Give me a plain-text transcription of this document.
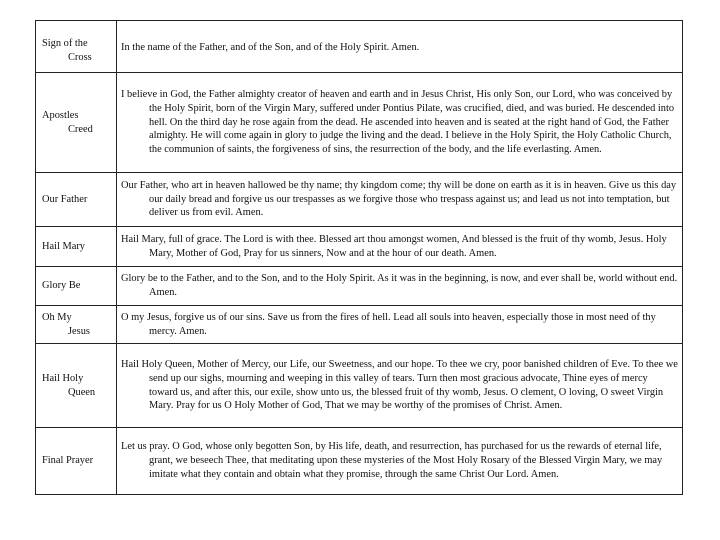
Sign of the
Cross	In the name of the Father, and of the Son, and of the Holy Spirit. Amen.

Apostles
Creed	I believe in God, the Father almighty creator of heaven and earth and in Jesus Christ, His only Son, our Lord, who was conceived by the Holy Spirit, born of the Virgin Mary, suffered under Pontius Pilate, was crucified, died, and was buried. He descended into hell. On the third day he rose again from the dead. He ascended into heaven and is seated at the right hand of God, the Father almighty. He will come again in glory to judge the living and the dead. I believe in the Holy Spirit, the Holy Catholic Church, the communion of saints, the forgiveness of sins, the resurrection of the body, and the life everlasting. Amen.

Our Father	Our Father, who art in heaven hallowed be thy name; thy kingdom come; thy will be done on earth as it is in heaven. Give us this day our daily bread and forgive us our trespasses as we forgive those who trespass against us; and lead us not into temptation, but deliver us from evil. Amen.

Hail Mary	Hail Mary, full of grace. The Lord is with thee. Blessed art thou amongst women, And blessed is the fruit of thy womb, Jesus. Holy Mary, Mother of God, Pray for us sinners, Now and at the hour of our death. Amen.

Glory Be	Glory be to the Father, and to the Son, and to the Holy Spirit. As it was in the beginning, is now, and ever shall be, world without end. Amen.

Oh My
Jesus	O my Jesus, forgive us of our sins. Save us from the fires of hell. Lead all souls into heaven, especially those in most need of thy mercy. Amen.

Hail Holy
Queen	Hail Holy Queen, Mother of Mercy, our Life, our Sweetness, and our hope. To thee we cry, poor banished children of Eve. To thee we send up our sighs, mourning and weeping in this valley of tears. Turn then most gracious advocate, Thine eyes of mercy toward us, and after this, our exile, show unto us, the blessed fruit of thy womb, Jesus. O clement, O loving, O sweet Virgin Mary. Pray for us O Holy Mother of God, That we may be worthy of the promises of Christ. Amen.

Final Prayer	Let us pray. O God, whose only begotten Son, by His life, death, and resurrection, has purchased for us the rewards of eternal life, grant, we beseech Thee, that meditating upon these mysteries of the Most Holy Rosary of the Blessed Virgin Mary, we may imitate what they contain and obtain what they promise, through the same Christ Our Lord. Amen.
